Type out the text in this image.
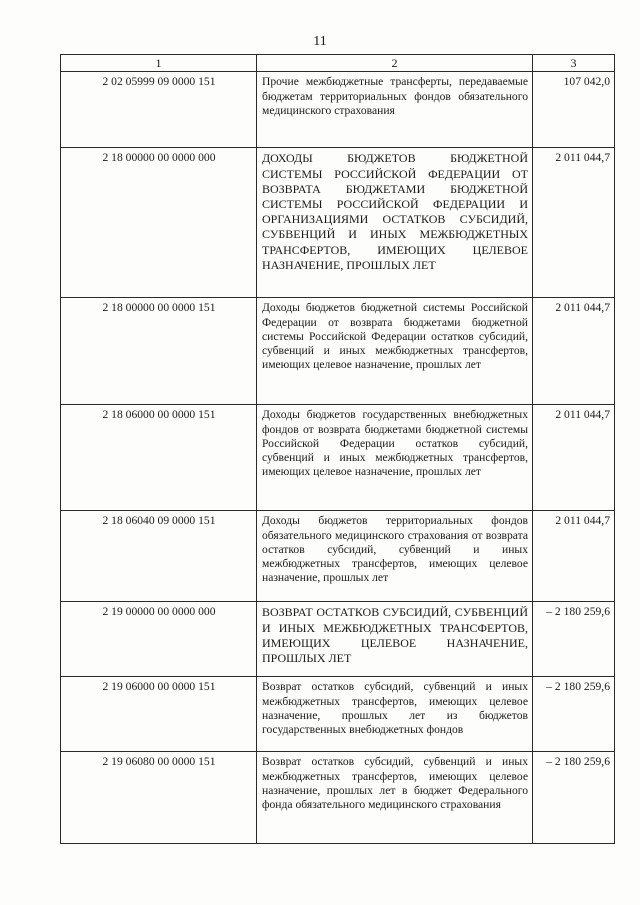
11
1	2	3
2 02 05999 09 0000 151	Прочие межбюджетные трансферты, передаваемые бюджетам территориальных фондов обязательного медицинского страхования	107 042,0
2 18 00000 00 0000 000	ДОХОДЫ БЮДЖЕТОВ БЮДЖЕТНОЙ СИСТЕМЫ РОССИЙСКОЙ ФЕДЕРАЦИИ ОТ ВОЗВРАТА БЮДЖЕТАМИ БЮДЖЕТНОЙ СИСТЕМЫ РОССИЙСКОЙ ФЕДЕРАЦИИ И ОРГАНИЗАЦИЯМИ ОСТАТКОВ СУБСИДИЙ, СУБВЕНЦИЙ И ИНЫХ МЕЖБЮДЖЕТНЫХ ТРАНСФЕРТОВ, ИМЕЮЩИХ ЦЕЛЕВОЕ НАЗНАЧЕНИЕ, ПРОШЛЫХ ЛЕТ	2 011 044,7
2 18 00000 00 0000 151	Доходы бюджетов бюджетной системы Российской Федерации от возврата бюджетами бюджетной системы Российской Федерации остатков субсидий, субвенций и иных межбюджетных трансфертов, имеющих целевое назначение, прошлых лет	2 011 044,7
2 18 06000 00 0000 151	Доходы бюджетов государственных внебюджетных фондов от возврата бюджетами бюджетной системы Российской Федерации остатков субсидий, субвенций и иных межбюджетных трансфертов, имеющих целевое назначение, прошлых лет	2 011 044,7
2 18 06040 09 0000 151	Доходы бюджетов территориальных фондов обязательного медицинского страхования от возврата остатков субсидий, субвенций и иных межбюджетных трансфертов, имеющих целевое назначение, прошлых лет	2 011 044,7
2 19 00000 00 0000 000	ВОЗВРАТ ОСТАТКОВ СУБСИДИЙ, СУБВЕНЦИЙ И ИНЫХ МЕЖБЮДЖЕТНЫХ ТРАНСФЕРТОВ, ИМЕЮЩИХ ЦЕЛЕВОЕ НАЗНАЧЕНИЕ, ПРОШЛЫХ ЛЕТ	– 2 180 259,6
2 19 06000 00 0000 151	Возврат остатков субсидий, субвенций и иных межбюджетных трансфертов, имеющих целевое назначение, прошлых лет из бюджетов государственных внебюджетных фондов	– 2 180 259,6
2 19 06080 00 0000 151	Возврат остатков субсидий, субвенций и иных межбюджетных трансфертов, имеющих целевое назначение, прошлых лет в бюджет Федерального фонда обязательного медицинского страхования	– 2 180 259,6
